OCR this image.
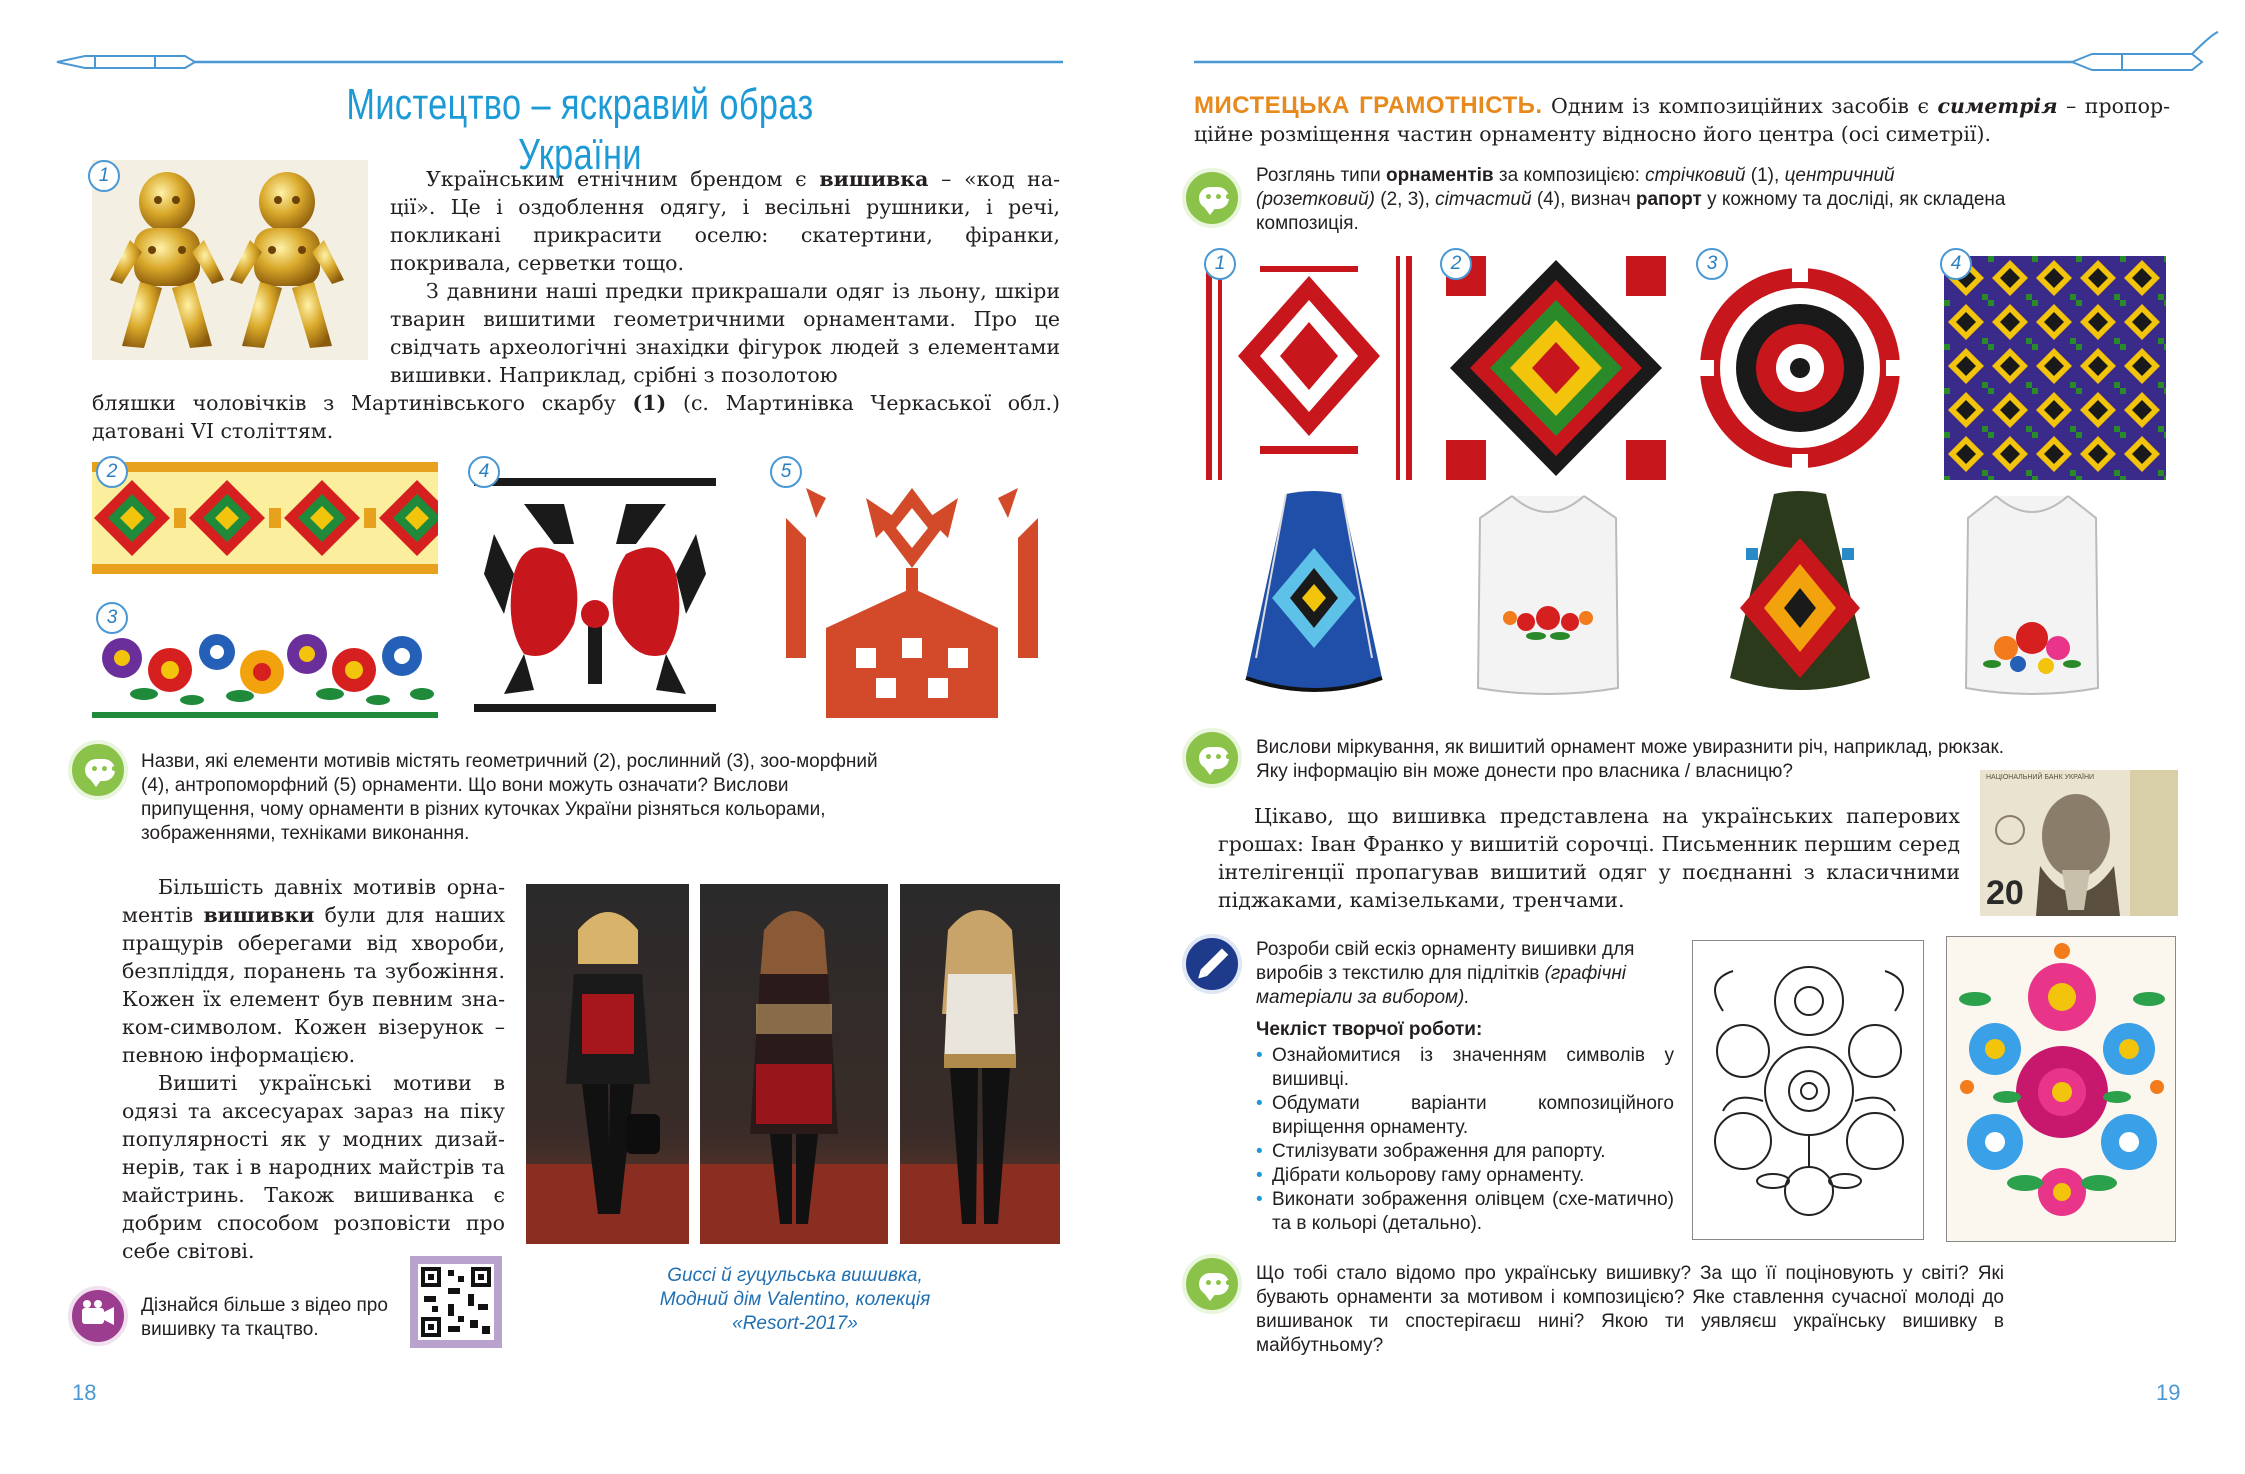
Мистецтво – яскравий образ України
1	Українським етнічним брендом є вишивка – «код на-ції». Це і оздоблення одягу, і весільні рушники, і речі, покликані прикрасити оселю: скатертини, фіранки, покривала, серветки тощо.
З давнини наші предки прикрашали одяг із льону, шкіри тварин вишитими геометричними орнаментами. Про це свідчать археологічні знахідки фігурок людей з елементами вишивки. Наприклад, срібні з позолотою
бляшки чоловічків з Мартинівського скарбу (1) (с. Мартинівка Черкаської обл.) датовані VI століттям.
2
3
4	5
••• Назви, які елементи мотивів містять геометричний (2), рослинний (3), зоо-морфний (4), антропоморфний (5) орнаменти. Що вони можуть означати? Вислови припущення, чому орнаменти в різних куточках України різняться кольорами, зображеннями, техніками виконання.
Більшість давніх мотивів орна-ментів вишивки були для наших пращурів оберегами від хвороби, безпліддя, поранень та зубожіння. Кожен їх елемент був певним зна-ком-символом. Кожен візерунок – певною інформацією.
Вишиті українські мотиви в одязі та аксесуарах зараз на піку популярності як у модних дизай-нерів, так і в народних майстрів та майстринь. Також вишиванка є добрим способом розповісти про себе світові.
Gucci й гуцульська вишивка, Модний дім Valentino, колекція «Resort-2017»
Дізнайся більше з відео про вишивку та ткацтво.
18
МИСТЕЦЬКА ГРАМОТНІСТЬ. Одним із композиційних засобів є симетрія – пропор-ційне розміщення частин орнаменту відносно його центра (осі симетрії).
•••
Розглянь типи орнаментів за композицією: стрічковий (1), центричний (розетковий) (2, 3), сітчастий (4), визнач рапорт у кожному та досліді, як складена композиція.
1	2	3	4
••• Вислови міркування, як вишитий орнамент може увиразнити річ, наприклад, рюкзак. Яку інформацію він може донести про власника / власницю?
Цікаво, що вишивка представлена на українських паперових грошах: Іван Франко у вишитій сорочці. Письменник першим серед інтелігенції пропагував вишитий одяг у поєднанні з класичними піджаками, камізельками, тренчами.	20
НАЦІОНАЛЬНИЙ БАНК УКРАЇНИ
Розроби свій ескіз орнаменту вишивки для виробів з текстилю для підлітків (графічні матеріали за вибором).
Чекліст творчої роботи:
• Ознайомитися із значенням символів у вишивці.
• Обдумати варіанти композиційного виріщення орнаменту.
• Стилізувати зображення для рапорту.
• Дібрати кольорову гаму орнаменту.
• Виконати зображення олівцем (схе-матично) та в кольорі (детально).
••• Що тобі стало відомо про українську вишивку? За що її поціновують у світі? Які бувають орнаменти за мотивом і композицією? Яке ставлення сучасної молоді до вишиванок ти спостерігаєш нині? Якою ти уявляєш українську вишивку в майбутньому?
19
